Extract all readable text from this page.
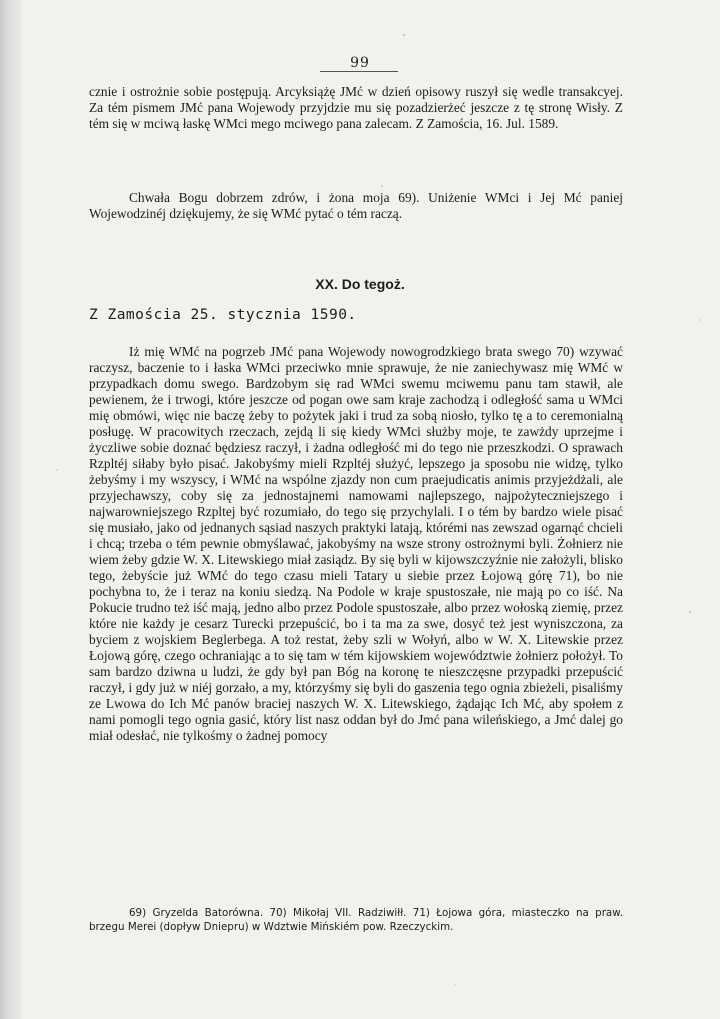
99

cznie i ostrożnie sobie postępują. Arcyksiążę JMć w dzień opisowy ruszył się wedle transakcyej. Za tém pismem JMć pana Wojewody przyjdzie mu się pozadzierżeć jeszcze z tę stronę Wisły. Z tém się w mciwą łaskę WMci mego mciwego pana zalecam. Z Zamościa, 16. Jul. 1589.

Chwała Bogu dobrzem zdrów, i żona moja 69). Uniżenie WMci i Jej Mć paniej Wojewodzinéj dziękujemy, że się WMć pytać o tém raczą.

XX. Do tegoż.
Z Zamościa 25. stycznia 1590.

Iż mię WMć na pogrzeb JMć pana Wojewody nowogrodzkiego brata swego 70) wzywać raczysz, baczenie to i łaska WMci przeciwko mnie sprawuje, że nie zaniechywasz mię WMć w przypadkach domu swego. Bardzobym się rad WMci swemu mciwemu panu tam stawił, ale pewienem, że i trwogi, które jeszcze od pogan owe sam kraje zachodzą i odległość sama u WMci mię obmówi, więc nie baczę żeby to pożytek jaki i trud za sobą niosło, tylko tę a to ceremonialną posługę. W pracowitych rzeczach, zejdą li się kiedy WMci służby moje, te zawżdy uprzejme i życzliwe sobie doznać będziesz raczył, i żadna odległość mi do tego nie przeszkodzi. O sprawach Rzpltéj siłaby było pisać. Jakobyśmy mieli Rzpltéj służyć, lepszego ja sposobu nie widzę, tylko żebyśmy i my wszyscy, i WMć na wspólne zjazdy non cum praejudicatis animis przyjeżdżali, ale przyjechawszy, coby się za jednostajnemi namowami najlepszego, najpożyteczniejszego i najwarowniejszego Rzpltej być rozumiało, do tego się przychylali. I o tém by bardzo wiele pisać się musiało, jako od jednanych sąsiad naszych praktyki latają, którémi nas zewszad ogarnąć chcieli i chcą; trzeba o tém pewnie obmyślawać, jakobyśmy na wsze strony ostrożnymi byli. Żołnierz nie wiem żeby gdzie W. X. Litewskiego miał zasiądz. By się byli w kijowszczyźnie nie założyli, blisko tego, żebyście już WMć do tego czasu mieli Tatary u siebie przez Łojową górę 71), bo nie pochybna to, że i teraz na koniu siedzą. Na Podole w kraje spustoszałe, nie mają po co iść. Na Pokucie trudno też iść mają, jedno albo przez Podole spustoszałe, albo przez wołoską ziemię, przez które nie każdy je cesarz Turecki przepuścić, bo i ta ma za swe, dosyć też jest wyniszczona, za byciem z wojskiem Beglerbega. A toż restat, żeby szli w Wołyń, albo w W. X. Litewskie przez Łojową górę, czego ochraniając a to się tam w tém kijowskiem województwie żołnierz położył. To sam bardzo dziwna u ludzi, że gdy był pan Bóg na koronę te nieszczęsne przypadki przepuścić raczył, i gdy już w niéj gorzało, a my, którzyśmy się byli do gaszenia tego ognia zbieżeli, pisaliśmy ze Lwowa do Ich Mć panów braciej naszych W. X. Litewskiego, żądając Ich Mć, aby społem z nami pomogli tego ognia gasić, który list nasz oddan był do Jmć pana wileńskiego, a Jmć dalej go miał odesłać, nie tylkośmy o żadnej pomocy

69) Gryzelda Batorówna. 70) Mikołaj VII. Radziwiłł. 71) Łojowa góra, miasteczko na praw. brzegu Merei (dopływ Dniepru) w Wdztwie Mińskiém pow. Rzeczyckim.
